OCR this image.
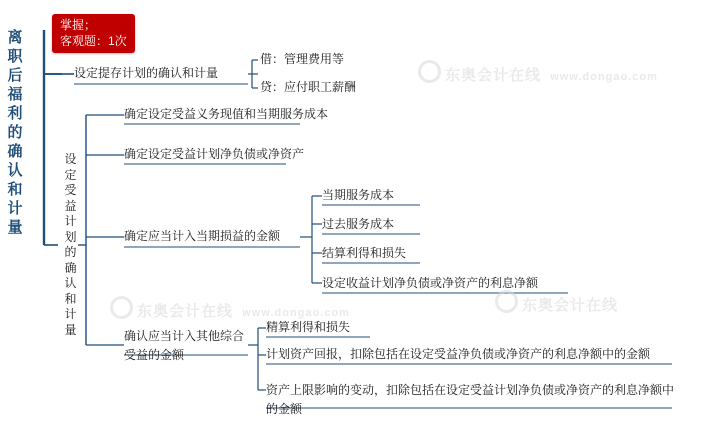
东奥会计在线 www.dongao.com
东奥会计在线 www.dongao.com
东奥会计在线
离职后福利的确认和计量
掌握；
客观题：1次
设定受益计划的确认和计量
设定提存计划的确认和计量
借：管理费用等
贷：应付职工薪酬
确定设定受益义务现值和当期服务成本
确定设定受益计划净负债或净资产
确定应当计入当期损益的金额
当期服务成本
过去服务成本
结算利得和损失
设定收益计划净负债或净资产的利息净额
确认应当计入其他综合受益的金额
精算利得和损失
计划资产回报，扣除包括在设定受益净负债或净资产的利息净额中的金额
资产上限影响的变动，扣除包括在设定受益计划净负债或净资产的利息净额中的金额
